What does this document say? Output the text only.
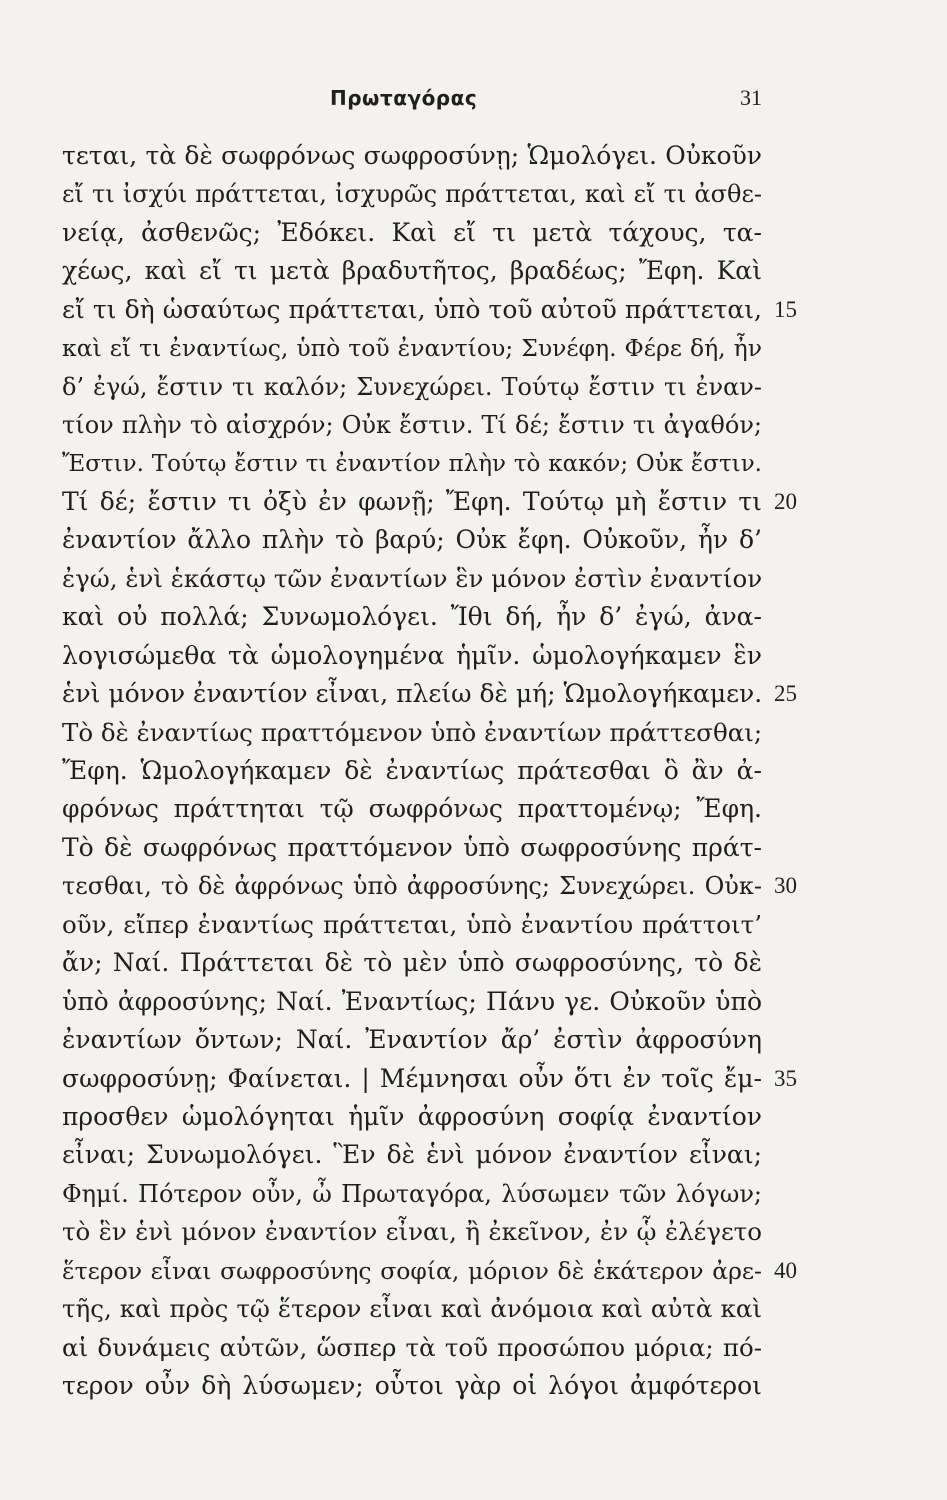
Πρωταγόρας	31
τεται, τὰ δὲ σωφρόνως σωφροσύνῃ; Ὡμολόγει. Οὐκοῦν
εἴ τι ἰσχύι πράττεται, ἰσχυρῶς πράττεται, καὶ εἴ τι ἀσθε-
νείᾳ, ἀσθενῶς; Ἐδόκει. Καὶ εἴ τι μετὰ τάχους, τα-
χέως, καὶ εἴ τι μετὰ βραδυτῆτος, βραδέως; Ἔφη. Καὶ
εἴ τι δὴ ὡσαύτως πράττεται, ὑπὸ τοῦ αὐτοῦ πράττεται, 15
καὶ εἴ τι ἐναντίως, ὑπὸ τοῦ ἐναντίου; Συνέφη. Φέρε δή, ἦν
δ’ ἐγώ, ἔστιν τι καλόν; Συνεχώρει. Τούτῳ ἔστιν τι ἐναν-
τίον πλὴν τὸ αἰσχρόν; Οὐκ ἔστιν. Τί δέ; ἔστιν τι ἀγαθόν;
Ἔστιν. Τούτῳ ἔστιν τι ἐναντίον πλὴν τὸ κακόν; Οὐκ ἔστιν.
Τί δέ; ἔστιν τι ὀξὺ ἐν φωνῇ; Ἔφη. Τούτῳ μὴ ἔστιν τι 20
ἐναντίον ἄλλο πλὴν τὸ βαρύ; Οὐκ ἔφη. Οὐκοῦν, ἦν δ’
ἐγώ, ἑνὶ ἑκάστῳ τῶν ἐναντίων ἓν μόνον ἐστὶν ἐναντίον
καὶ οὐ πολλά; Συνωμολόγει. Ἴθι δή, ἦν δ’ ἐγώ, ἀνα-
λογισώμεθα τὰ ὡμολογημένα ἡμῖν. ὡμολογήκαμεν ἓν
ἑνὶ μόνον ἐναντίον εἶναι, πλείω δὲ μή; Ὡμολογήκαμεν. 25
Τὸ δὲ ἐναντίως πραττόμενον ὑπὸ ἐναντίων πράττεσθαι;
Ἔφη. Ὡμολογήκαμεν δὲ ἐναντίως πράτεσθαι ὃ ἂν ἀ-
φρόνως πράττηται τῷ σωφρόνως πραττομένῳ; Ἔφη.
Τὸ δὲ σωφρόνως πραττόμενον ὑπὸ σωφροσύνης πράτ-
τεσθαι, τὸ δὲ ἀφρόνως ὑπὸ ἀφροσύνης; Συνεχώρει. Οὐκ- 30
οῦν, εἴπερ ἐναντίως πράττεται, ὑπὸ ἐναντίου πράττοιτ’
ἄν; Ναί. Πράττεται δὲ τὸ μὲν ὑπὸ σωφροσύνης, τὸ δὲ
ὑπὸ ἀφροσύνης; Ναί. Ἐναντίως; Πάνυ γε. Οὐκοῦν ὑπὸ
ἐναντίων ὄντων; Ναί. Ἐναντίον ἄρ’ ἐστὶν ἀφροσύνη
σωφροσύνῃ; Φαίνεται. | Μέμνησαι οὖν ὅτι ἐν τοῖς ἔμ- 35
προσθεν ὡμολόγηται ἡμῖν ἀφροσύνη σοφίᾳ ἐναντίον
εἶναι; Συνωμολόγει. Ἓν δὲ ἑνὶ μόνον ἐναντίον εἶναι;
Φημί. Πότερον οὖν, ὦ Πρωταγόρα, λύσωμεν τῶν λόγων;
τὸ ἓν ἑνὶ μόνον ἐναντίον εἶναι, ἢ ἐκεῖνον, ἐν ᾧ ἐλέγετο
ἕτερον εἶναι σωφροσύνης σοφία, μόριον δὲ ἑκάτερον ἀρε- 40
τῆς, καὶ πρὸς τῷ ἕτερον εἶναι καὶ ἀνόμοια καὶ αὐτὰ καὶ
αἱ δυνάμεις αὐτῶν, ὥσπερ τὰ τοῦ προσώπου μόρια; πό-
τερον οὖν δὴ λύσωμεν; οὗτοι γὰρ οἱ λόγοι ἀμφότεροι
